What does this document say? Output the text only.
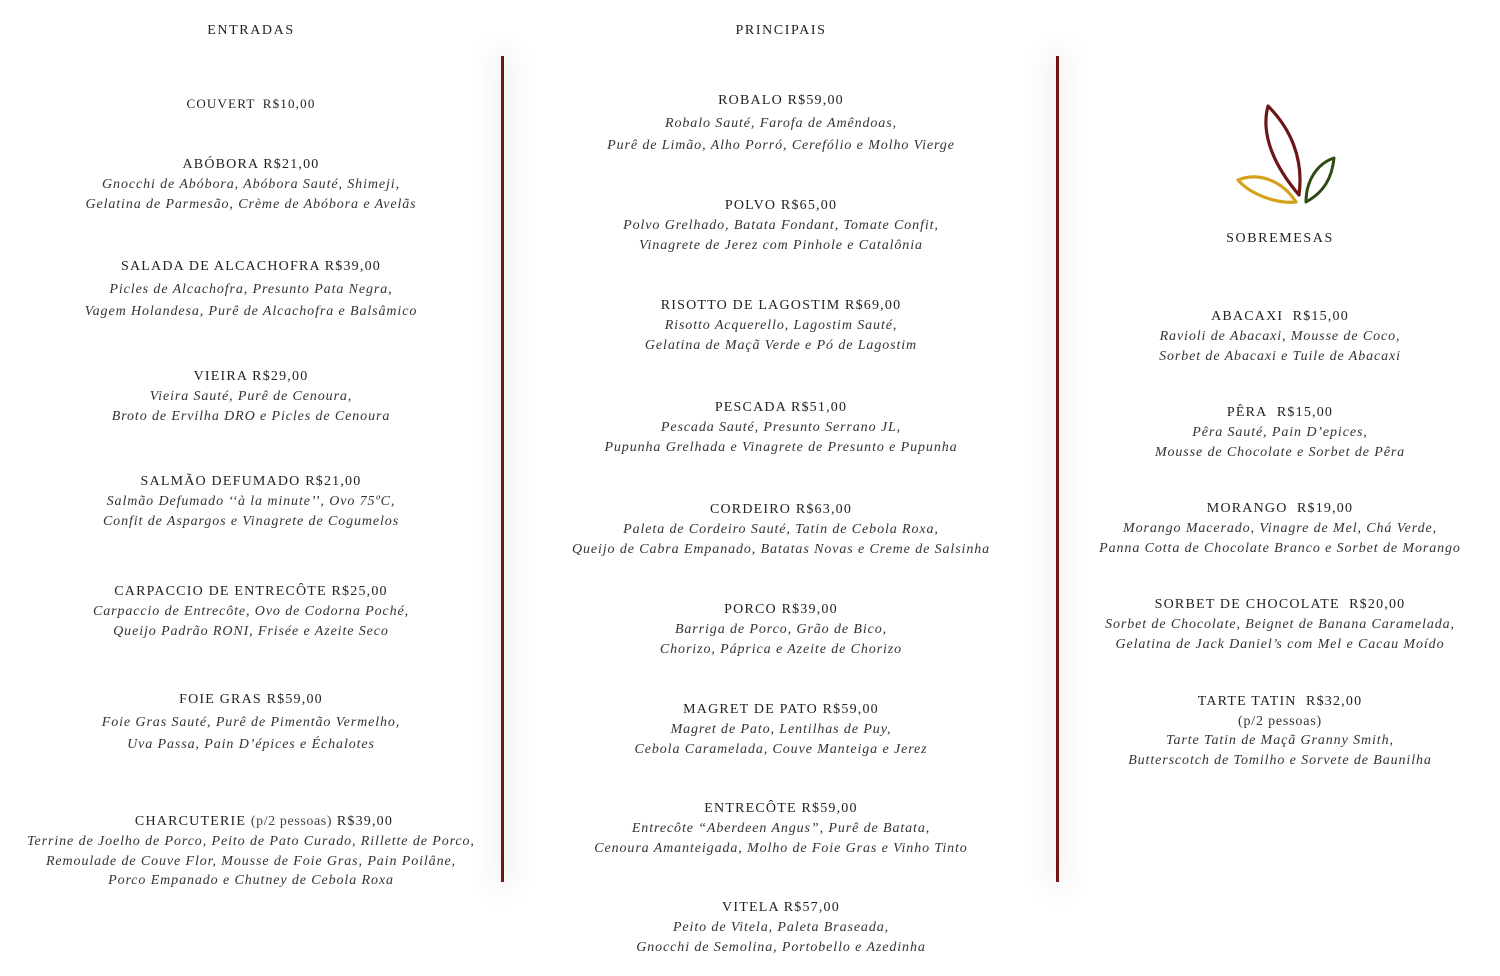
ENTRADAS
COUVERT R$10,00
ABÓBORA R$21,00
Gnocchi de Abóbora, Abóbora Sauté, Shimeji,
Gelatina de Parmesão, Crème de Abóbora e Avelãs
SALADA DE ALCACHOFRA R$39,00
Picles de Alcachofra, Presunto Pata Negra,
Vagem Holandesa, Purê de Alcachofra e Balsâmico
VIEIRA R$29,00
Vieira Sauté, Purê de Cenoura,
Broto de Ervilha DRO e Picles de Cenoura
SALMÃO DEFUMADO R$21,00
Salmão Defumado ‘‘à la minute’’, Ovo 75ºC,
Confit de Aspargos e Vinagrete de Cogumelos
CARPACCIO DE ENTRECÔTE R$25,00
Carpaccio de Entrecôte, Ovo de Codorna Poché,
Queijo Padrão RONI, Frisée e Azeite Seco
FOIE GRAS R$59,00
Foie Gras Sauté, Purê de Pimentão Vermelho,
Uva Passa, Pain D’épices e Échalotes
CHARCUTERIE (p/2 pessoas) R$39,00
Terrine de Joelho de Porco, Peito de Pato Curado, Rillette de Porco,
Remoulade de Couve Flor, Mousse de Foie Gras, Pain Poilâne,
Porco Empanado e Chutney de Cebola Roxa
PRINCIPAIS
ROBALO R$59,00
Robalo Sauté, Farofa de Amêndoas,
Purê de Limão, Alho Porró, Cerefólio e Molho Vierge
POLVO R$65,00
Polvo Grelhado, Batata Fondant, Tomate Confit,
Vinagrete de Jerez com Pinhole e Catalônia
RISOTTO DE LAGOSTIM R$69,00
Risotto Acquerello, Lagostim Sauté,
Gelatina de Maçã Verde e Pó de Lagostim
PESCADA R$51,00
Pescada Sauté, Presunto Serrano JL,
Pupunha Grelhada e Vinagrete de Presunto e Pupunha
CORDEIRO R$63,00
Paleta de Cordeiro Sauté, Tatin de Cebola Roxa,
Queijo de Cabra Empanado, Batatas Novas e Creme de Salsinha
PORCO R$39,00
Barriga de Porco, Grão de Bico,
Chorizo, Páprica e Azeite de Chorizo
MAGRET DE PATO R$59,00
Magret de Pato, Lentilhas de Puy,
Cebola Caramelada, Couve Manteiga e Jerez
ENTRECÔTE R$59,00
Entrecôte “Aberdeen Angus”, Purê de Batata,
Cenoura Amanteigada, Molho de Foie Gras e Vinho Tinto
VITELA R$57,00
Peito de Vitela, Paleta Braseada,
Gnocchi de Semolina, Portobello e Azedinha
SOBREMESAS
ABACAXI R$15,00
Ravioli de Abacaxi, Mousse de Coco,
Sorbet de Abacaxi e Tuile de Abacaxi
PÊRA R$15,00
Pêra Sauté, Pain D’epices,
Mousse de Chocolate e Sorbet de Pêra
MORANGO R$19,00
Morango Macerado, Vinagre de Mel, Chá Verde,
Panna Cotta de Chocolate Branco e Sorbet de Morango
SORBET DE CHOCOLATE R$20,00
Sorbet de Chocolate, Beignet de Banana Caramelada,
Gelatina de Jack Daniel’s com Mel e Cacau Moído
TARTE TATIN R$32,00
(p/2 pessoas)
Tarte Tatin de Maçã Granny Smith,
Butterscotch de Tomilho e Sorvete de Baunilha
